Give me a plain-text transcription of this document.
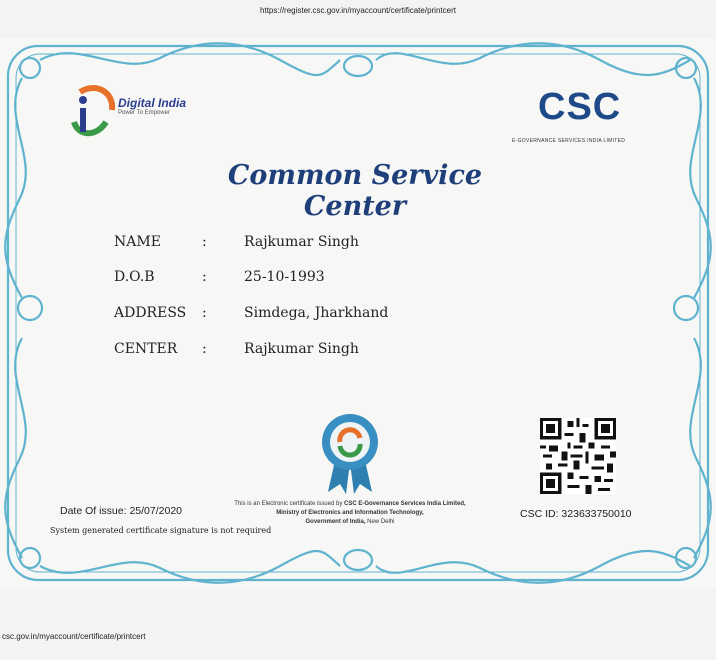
https://register.csc.gov.in/myaccount/certificate/printcert
Digital India
Power To Empower	CSC
E-GOVERNANCE SERVICES INDIA LIMITED
Common Service Center
NAME	:	Rajkumar Singh
D.O.B	:	25-10-1993
ADDRESS :	Simdega, Jharkhand
CENTER :	Rajkumar Singh
Date Of issue: 25/07/2020
System generated certificate signature is not required
This is an Electronic certificate issued by CSC E-Governance Services India Limited,
Ministry of Electronics and Information Technology,
Government of India, New Delhi
CSC ID: 323633750010
csc.gov.in/myaccount/certificate/printcert
